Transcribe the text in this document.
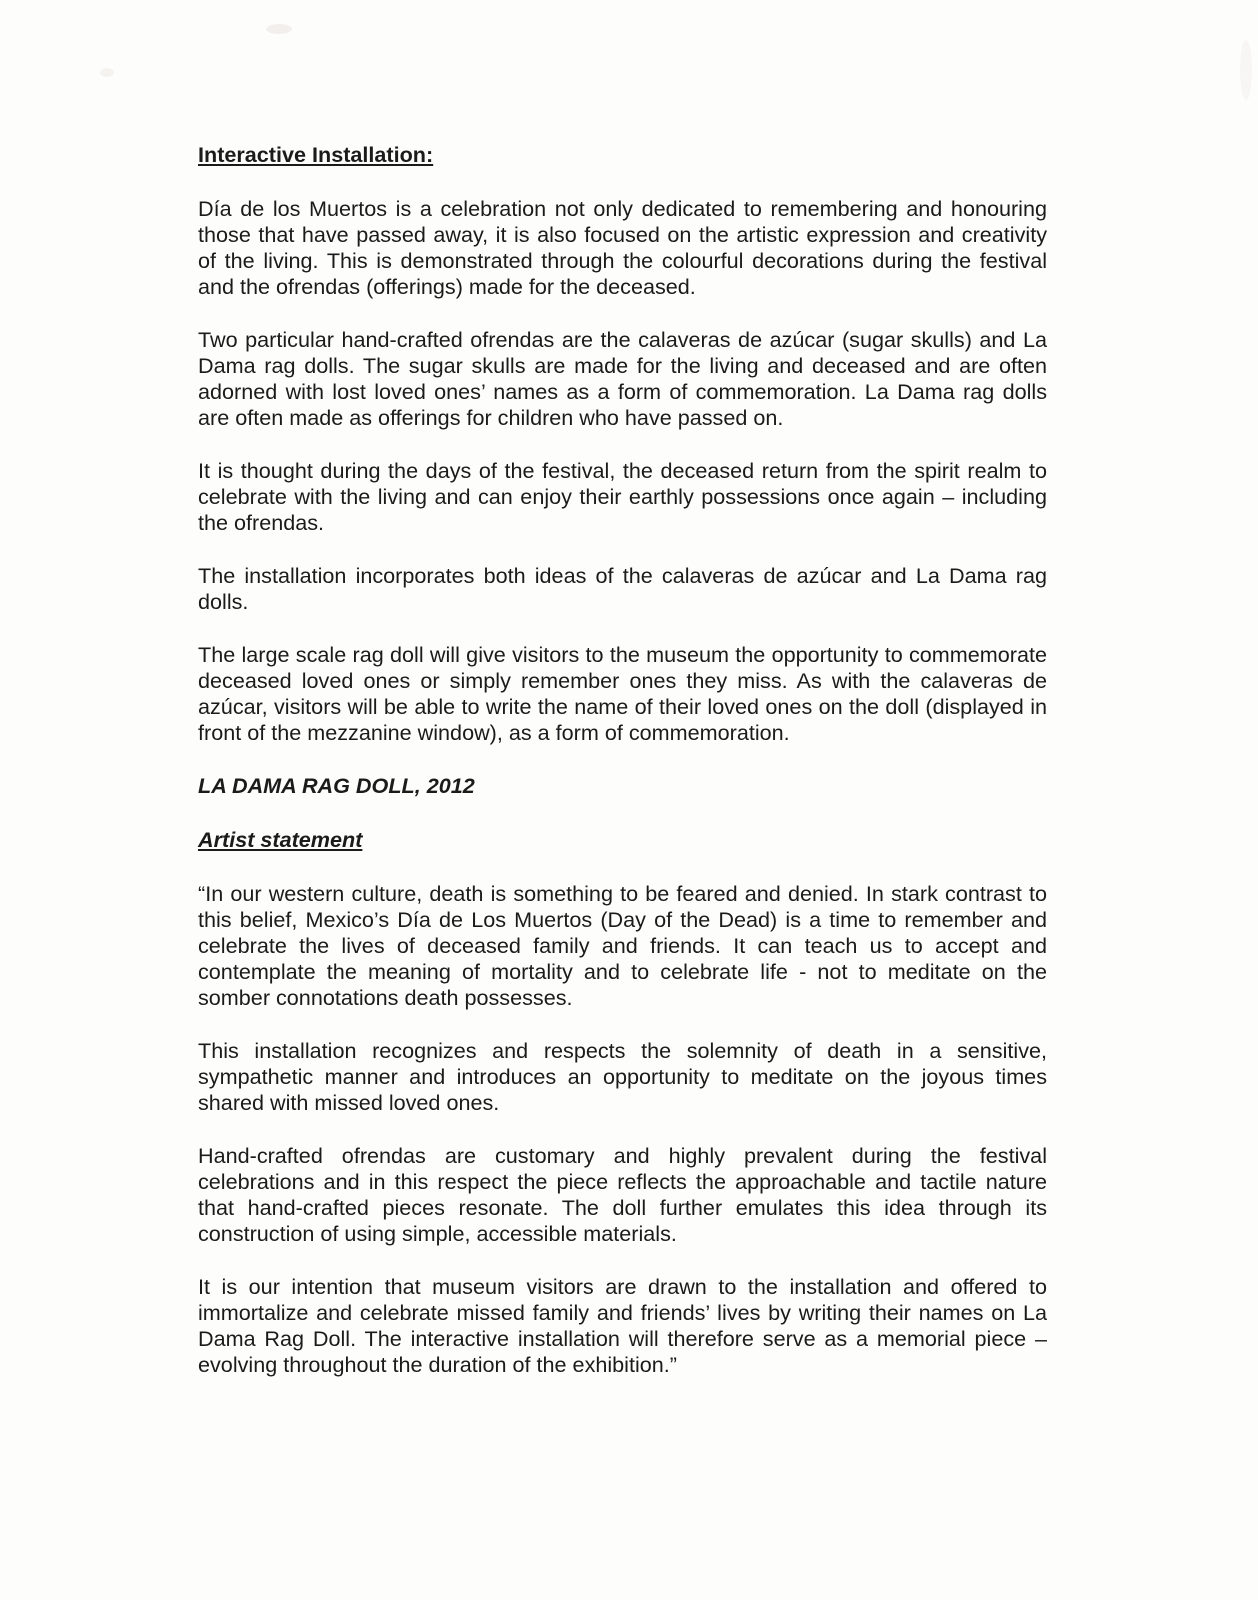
Interactive Installation:

Día de los Muertos is a celebration not only dedicated to remembering and honouring those that have passed away, it is also focused on the artistic expression and creativity of the living. This is demonstrated through the colourful decorations during the festival and the ofrendas (offerings) made for the deceased.

Two particular hand-crafted ofrendas are the calaveras de azúcar (sugar skulls) and La Dama rag dolls. The sugar skulls are made for the living and deceased and are often adorned with lost loved ones’ names as a form of commemoration. La Dama rag dolls are often made as offerings for children who have passed on.

It is thought during the days of the festival, the deceased return from the spirit realm to celebrate with the living and can enjoy their earthly possessions once again – including the ofrendas.

The installation incorporates both ideas of the calaveras de azúcar and La Dama rag dolls.

The large scale rag doll will give visitors to the museum the opportunity to commemorate deceased loved ones or simply remember ones they miss. As with the calaveras de azúcar, visitors will be able to write the name of their loved ones on the doll (displayed in front of the mezzanine window), as a form of commemoration.

LA DAMA RAG DOLL, 2012
Artist statement

“In our western culture, death is something to be feared and denied. In stark contrast to this belief, Mexico’s Día de Los Muertos (Day of the Dead) is a time to remember and celebrate the lives of deceased family and friends. It can teach us to accept and contemplate the meaning of mortality and to celebrate life - not to meditate on the somber connotations death possesses.

This installation recognizes and respects the solemnity of death in a sensitive, sympathetic manner and introduces an opportunity to meditate on the joyous times shared with missed loved ones.

Hand-crafted ofrendas are customary and highly prevalent during the festival celebrations and in this respect the piece reflects the approachable and tactile nature that hand-crafted pieces resonate. The doll further emulates this idea through its construction of using simple, accessible materials.

It is our intention that museum visitors are drawn to the installation and offered to immortalize and celebrate missed family and friends’ lives by writing their names on La Dama Rag Doll. The interactive installation will therefore serve as a memorial piece – evolving throughout the duration of the exhibition.”
